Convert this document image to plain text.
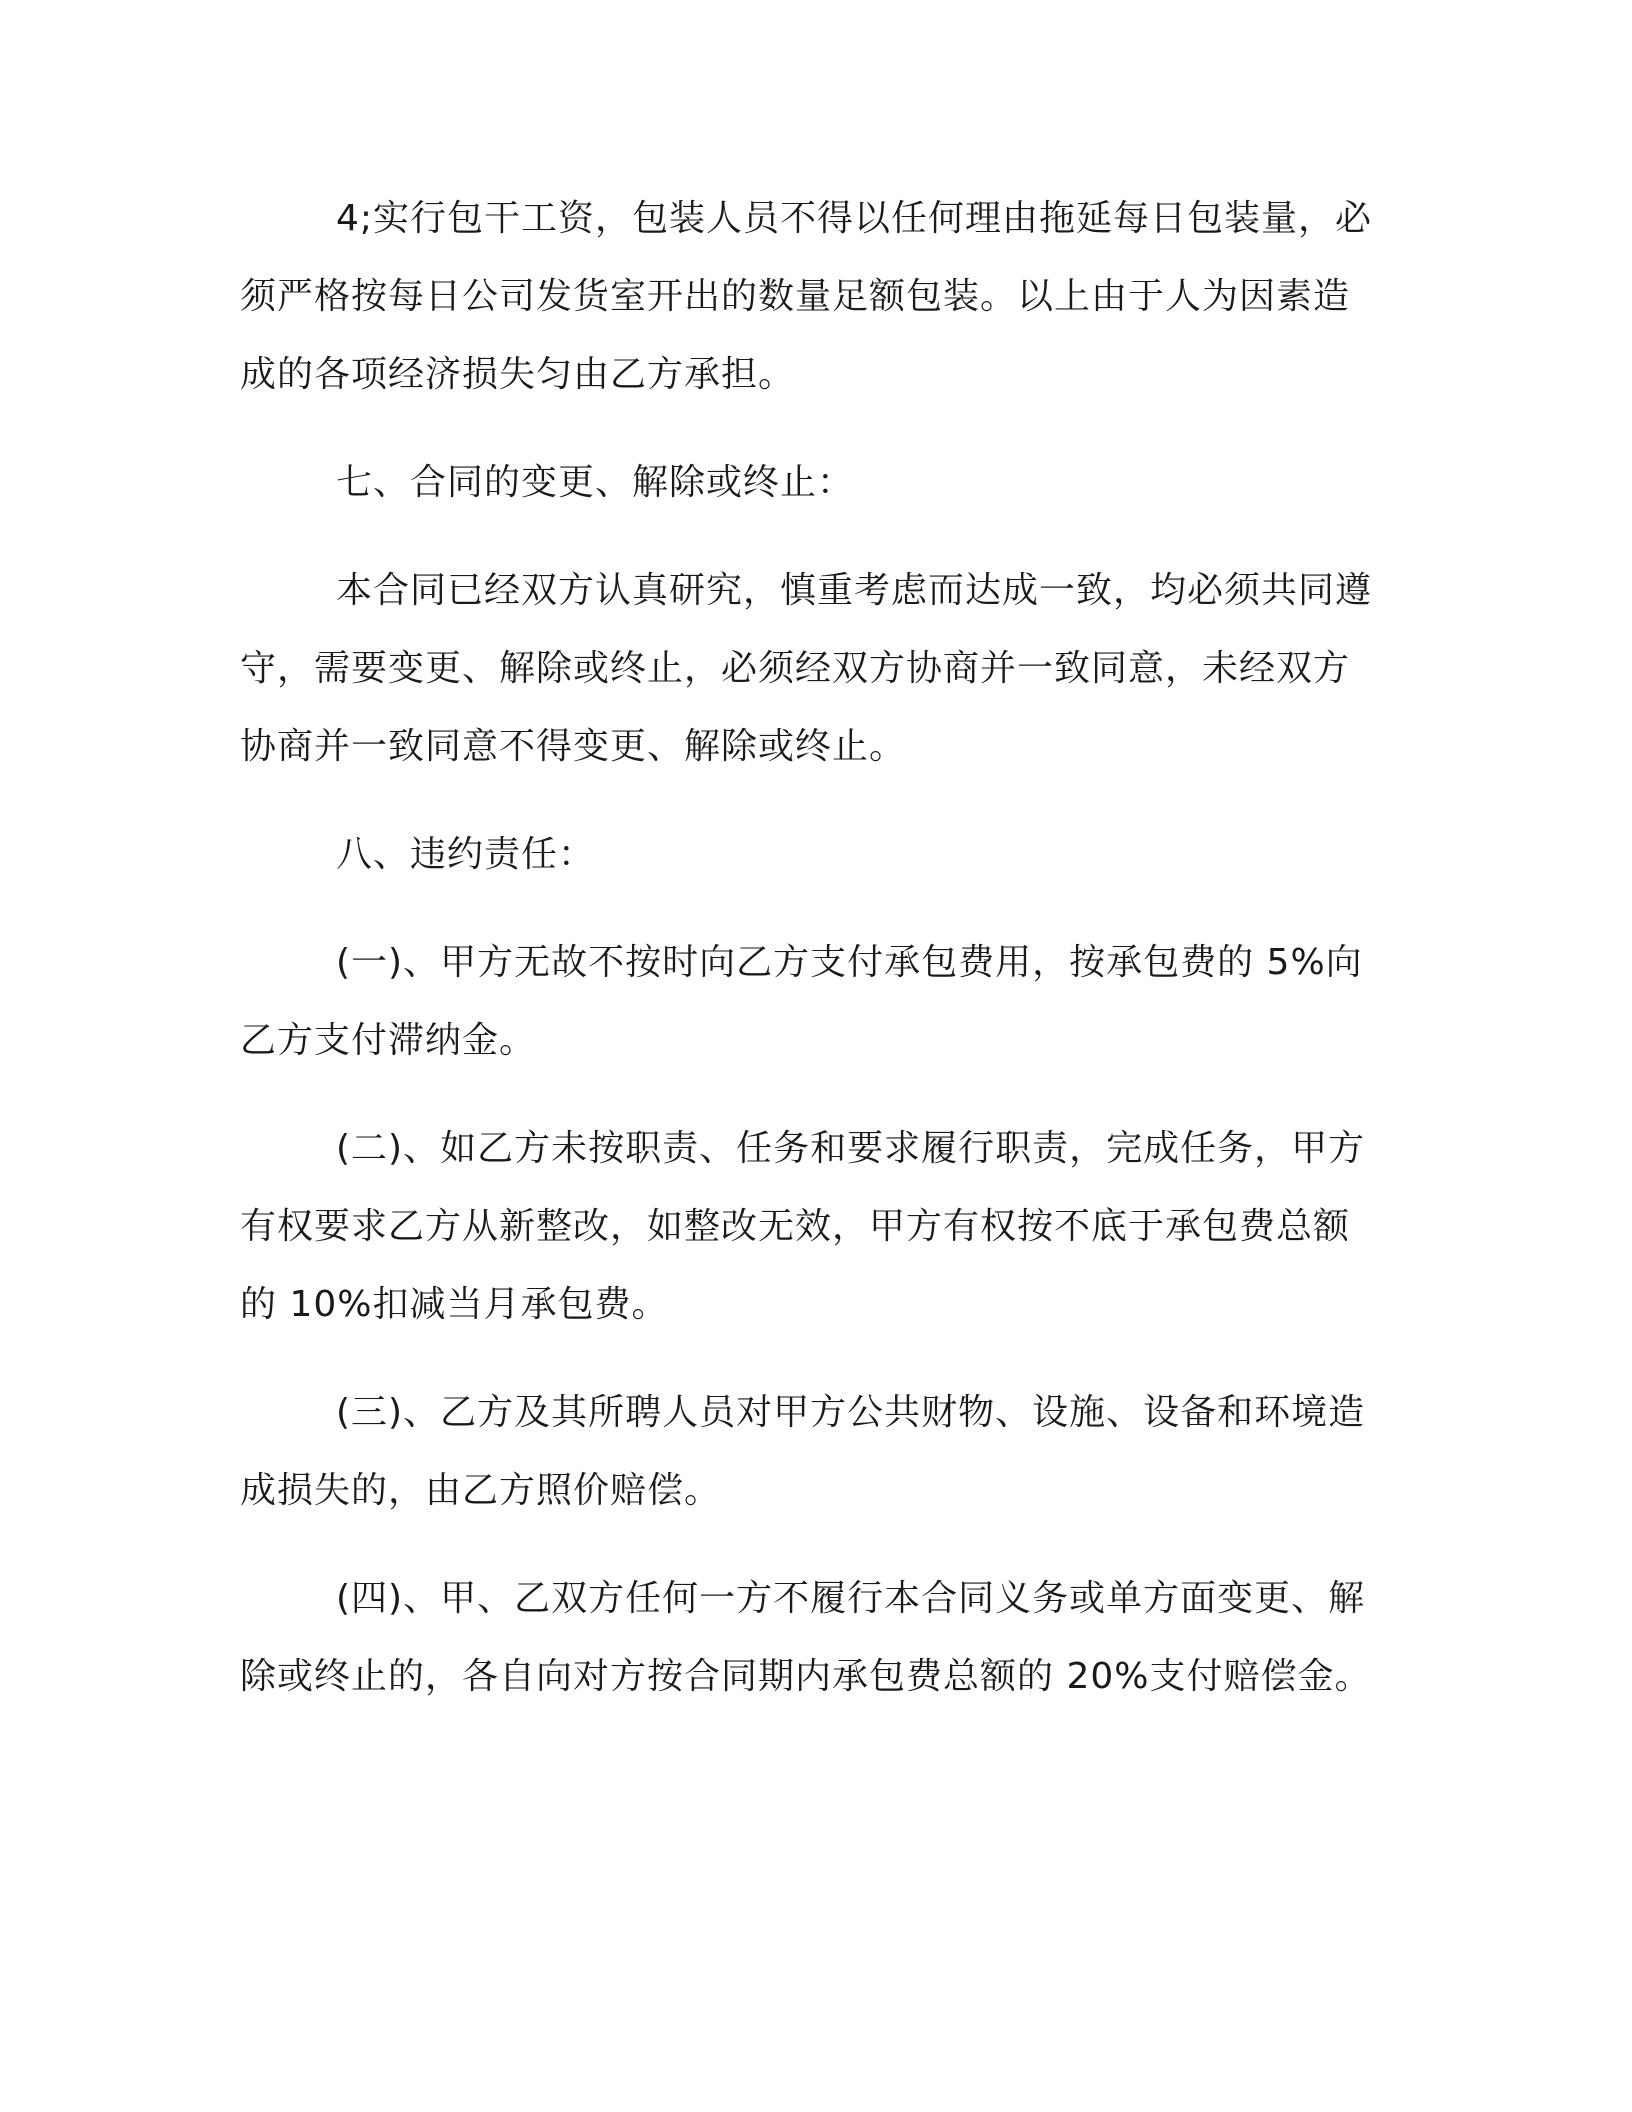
4;实行包干工资，包装人员不得以任何理由拖延每日包装量，必
须严格按每日公司发货室开出的数量足额包装。以上由于人为因素造
成的各项经济损失匀由乙方承担。

七、合同的变更、解除或终止：

本合同已经双方认真研究，慎重考虑而达成一致，均必须共同遵
守，需要变更、解除或终止，必须经双方协商并一致同意，未经双方
协商并一致同意不得变更、解除或终止。

八、违约责任：

(一)、甲方无故不按时向乙方支付承包费用，按承包费的 5%向
乙方支付滞纳金。

(二)、如乙方未按职责、任务和要求履行职责，完成任务，甲方
有权要求乙方从新整改，如整改无效，甲方有权按不底于承包费总额
的 10%扣减当月承包费。

(三)、乙方及其所聘人员对甲方公共财物、设施、设备和环境造
成损失的，由乙方照价赔偿。

(四)、甲、乙双方任何一方不履行本合同义务或单方面变更、解
除或终止的，各自向对方按合同期内承包费总额的 20%支付赔偿金。
